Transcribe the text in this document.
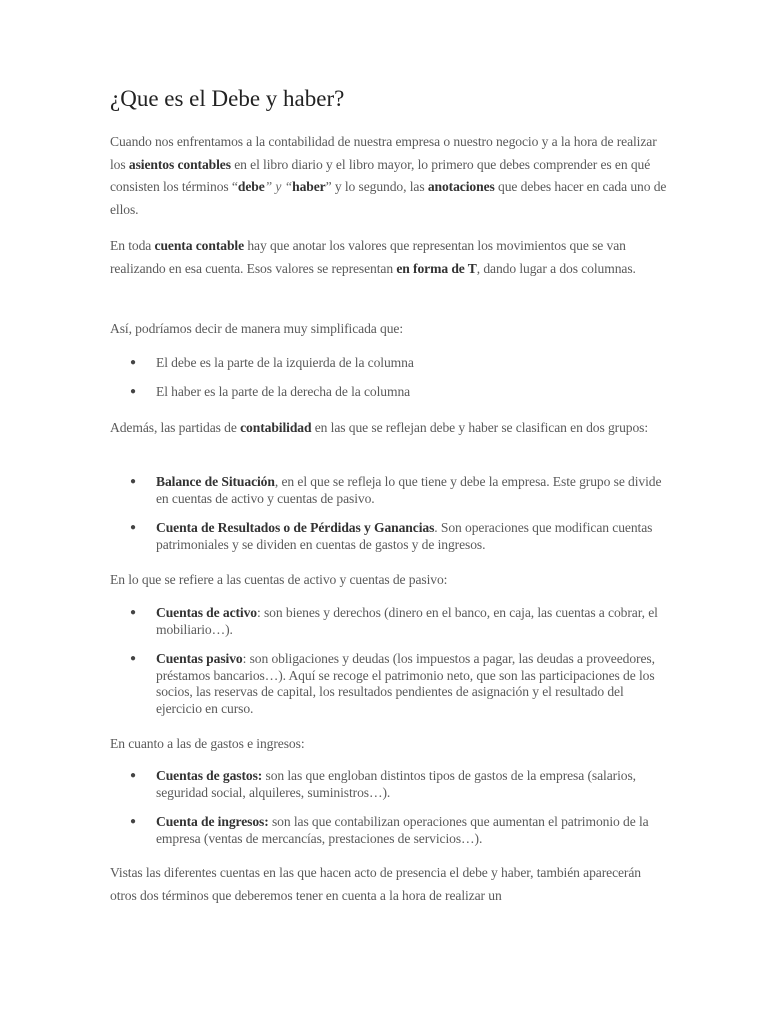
¿Que es el Debe y haber?

Cuando nos enfrentamos a la contabilidad de nuestra empresa o nuestro negocio y a la hora de realizar los asientos contables en el libro diario y el libro mayor, lo primero que debes comprender es en qué consisten los términos “debe” y “haber” y lo segundo, las anotaciones que debes hacer en cada uno de ellos.

En toda cuenta contable hay que anotar los valores que representan los movimientos que se van realizando en esa cuenta. Esos valores se representan en forma de T, dando lugar a dos columnas.

Así, podríamos decir de manera muy simplificada que:

● El debe es la parte de la izquierda de la columna
● El haber es la parte de la derecha de la columna

Además, las partidas de contabilidad en las que se reflejan debe y haber se clasifican en dos grupos:

● Balance de Situación, en el que se refleja lo que tiene y debe la empresa. Este grupo se divide en cuentas de activo y cuentas de pasivo.
● Cuenta de Resultados o de Pérdidas y Ganancias. Son operaciones que modifican cuentas patrimoniales y se dividen en cuentas de gastos y de ingresos.

En lo que se refiere a las cuentas de activo y cuentas de pasivo:

● Cuentas de activo: son bienes y derechos (dinero en el banco, en caja, las cuentas a cobrar, el mobiliario…).
● Cuentas pasivo: son obligaciones y deudas (los impuestos a pagar, las deudas a proveedores, préstamos bancarios…). Aquí se recoge el patrimonio neto, que son las participaciones de los socios, las reservas de capital, los resultados pendientes de asignación y el resultado del ejercicio en curso.

En cuanto a las de gastos e ingresos:

● Cuentas de gastos: son las que engloban distintos tipos de gastos de la empresa (salarios, seguridad social, alquileres, suministros…).
● Cuenta de ingresos: son las que contabilizan operaciones que aumentan el patrimonio de la empresa (ventas de mercancías, prestaciones de servicios…).

Vistas las diferentes cuentas en las que hacen acto de presencia el debe y haber, también aparecerán otros dos términos que deberemos tener en cuenta a la hora de realizar un
